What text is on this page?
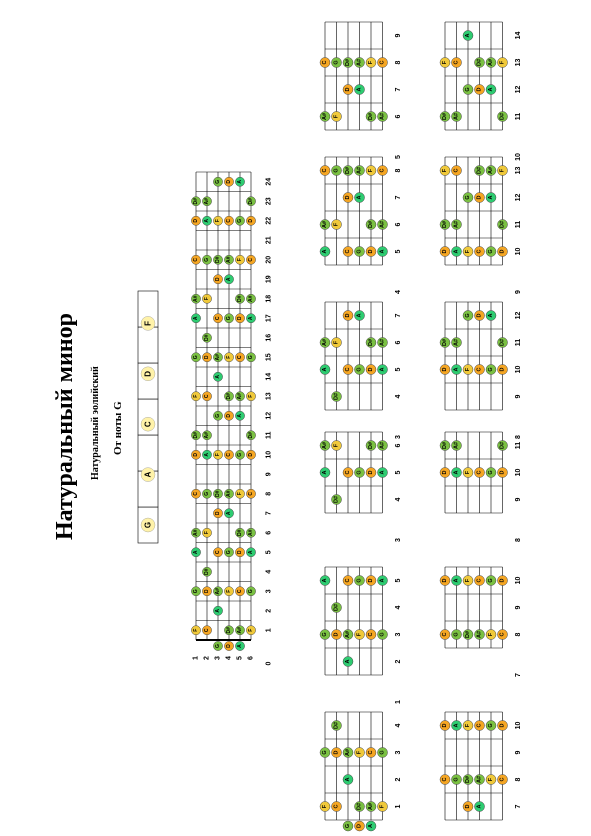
Натуральный минор Натуральный эолийский От ноты G
G
A
C
D
F
0
1
2
3
4
5
6
7
8
9
10
11
12
13
14
15
16
17
18
19
20
21
22
23
24
1 2 3 4 5 6
F
G
A
A#
C
D
D#
F
G
A
A#
C
D
D#
C
D
D#
F
G
A
A#
C
D
D#
F
G
A
A#
G
A
A#
C
D
D#
F
G
A
A#
C
D
D#
F
G
D
D#
F
G
A
A#
C
D
D#
F
G
A
A#
C
D
A
A#
C
D
D#
F
G
A
A#
C
D
D#
F
G
A
F
G
A
A#
C
D
D#
F
G
A
A#
C
D
D#
G D A
1
F C	D# A# F
2
A
3
G D A# F C G
4
D#
1
2
A
3
G D A# F C G
4
D#
5
A	C G D A
3
4
D#
5
A	C G D A
6
A# F	D# A#
3
4
D#
5
A	C G D A
6
A# F	D# A#
7
D A
4
5
A	C G D A
6
A# F	D# A#
7
D A
8
C G D# A# F C
5
6
A# F	D# A#
7
D A
8
C G D# A# F C
9
7
D A
8
C G D# A# F C
9
10
D A F C G D
7
8
C G D# A# F C
9
10
D A F C G D
8
9
10
D A F C G D
11
D# A#	D#
8
9
10
D A F C G D
11
D# A#	D#
12
G D A
9
10
D A F C G D
11
D# A#	D#
12
G D A
13
F C	D# A# F
10
11
D# A#	D#
12
G D A
13
F C	D# A# F
14
A
